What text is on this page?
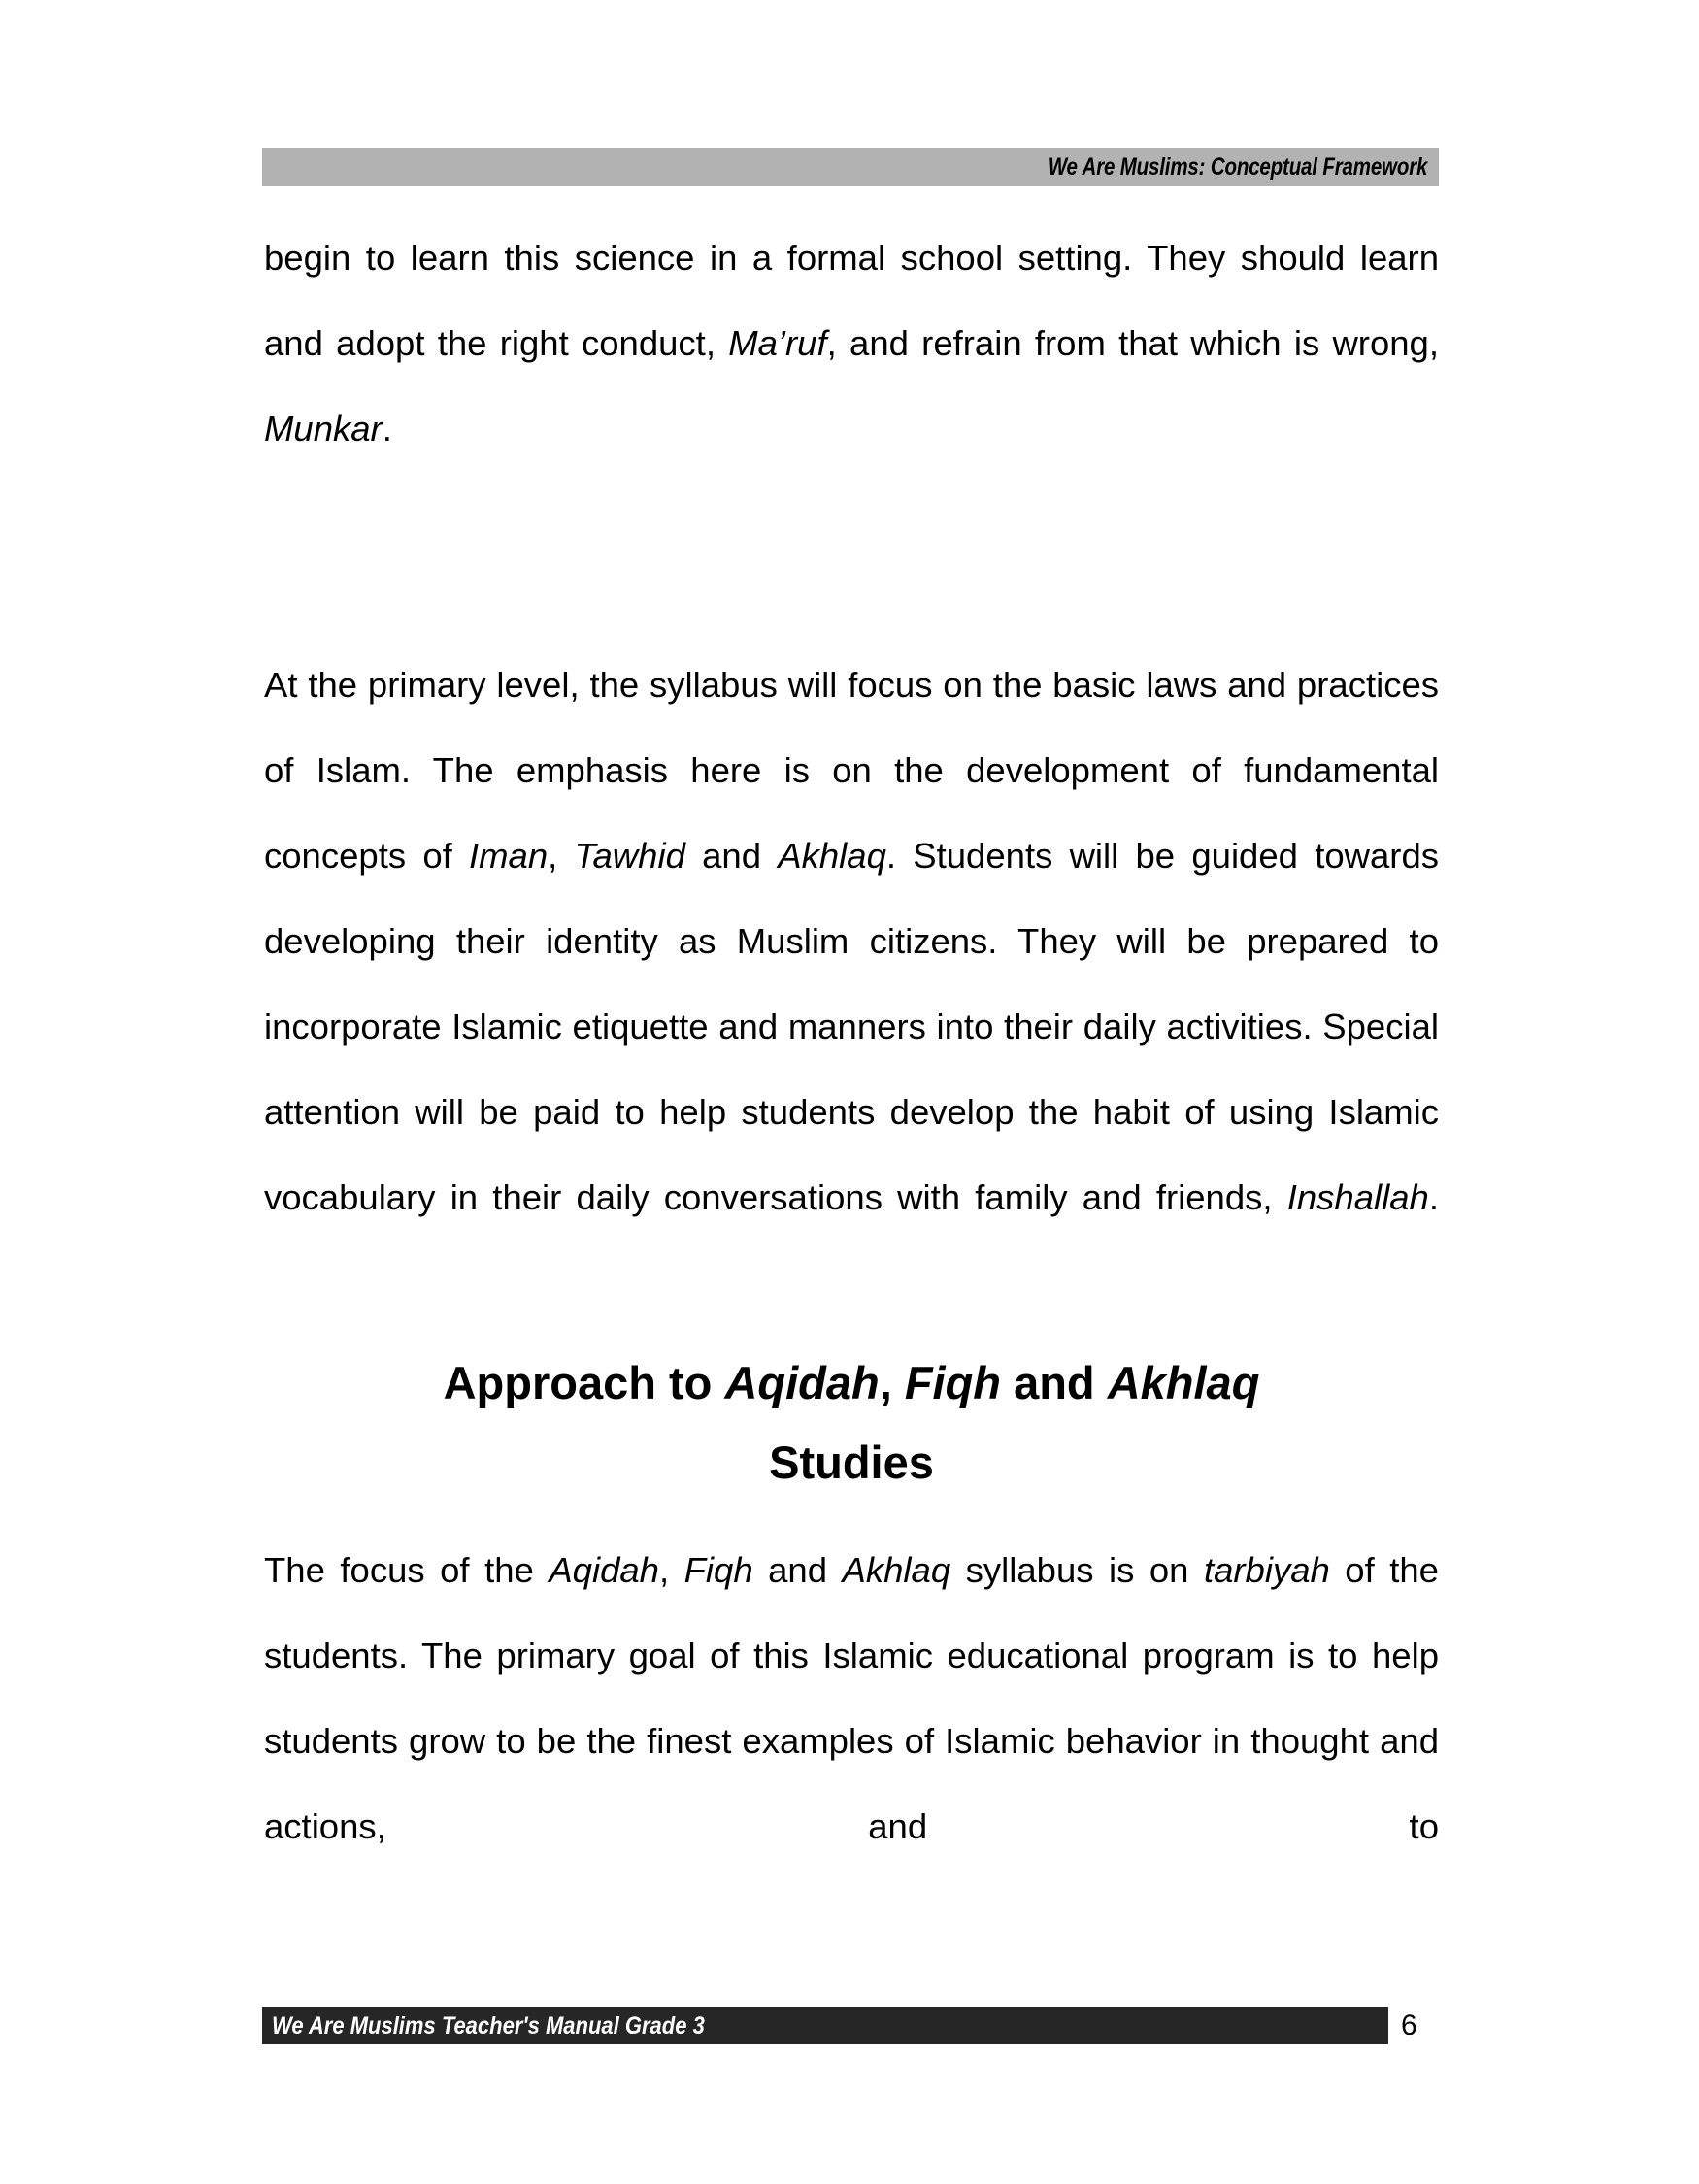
We Are Muslims: Conceptual Framework

begin to learn this science in a formal school setting. They should learn and adopt the right conduct, Ma’ruf, and refrain from that which is wrong, Munkar.

At the primary level, the syllabus will focus on the basic laws and practices of Islam. The emphasis here is on the development of fundamental concepts of Iman, Tawhid and Akhlaq. Students will be guided towards developing their identity as Muslim citizens. They will be prepared to incorporate Islamic etiquette and manners into their daily activities. Special attention will be paid to help students develop the habit of using Islamic vocabulary in their daily conversations with family and friends, Inshallah.

Approach to Aqidah, Fiqh and Akhlaq
Studies

The focus of the Aqidah, Fiqh and Akhlaq syllabus is on tarbiyah of the students. The primary goal of this Islamic educational program is to help students grow to be the finest examples of Islamic behavior in thought and actions, and to

We Are Muslims Teacher's Manual Grade 3	6
